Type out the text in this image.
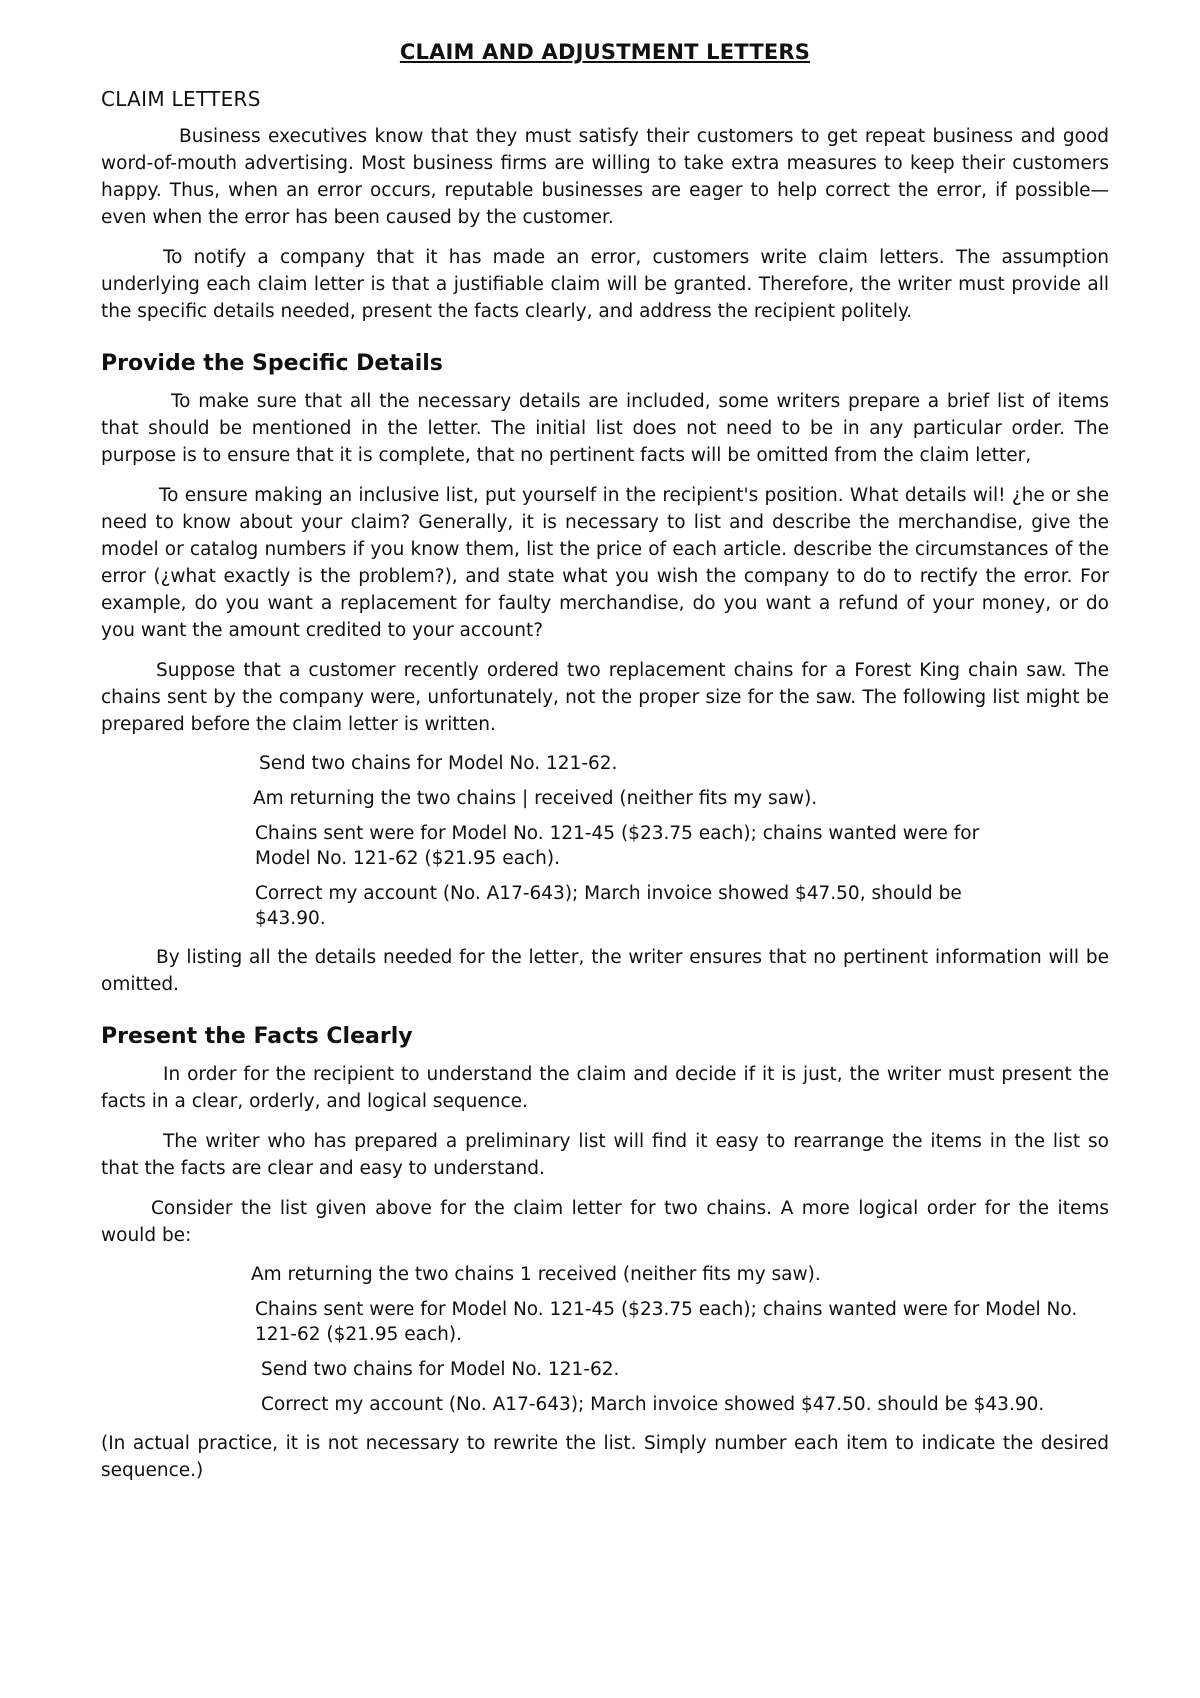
CLAIM AND ADJUSTMENT LETTERS
CLAIM LETTERS

Business executives know that they must satisfy their customers to get repeat business and good word-of-mouth advertising. Most business firms are willing to take extra measures to keep their customers happy. Thus, when an error occurs, reputable businesses are eager to help correct the error, if possible—even when the error has been caused by the customer.

To notify a company that it has made an error, customers write claim letters. The assumption underlying each claim letter is that a justifiable claim will be granted. Therefore, the writer must provide all the specific details needed, present the facts clearly, and address the recipient politely.

Provide the Specific Details

To make sure that all the necessary details are included, some writers prepare a brief list of items that should be mentioned in the letter. The initial list does not need to be in any particular order. The purpose is to ensure that it is complete, that no pertinent facts will be omitted from the claim letter,

To ensure making an inclusive list, put yourself in the recipient's position. What details wil! ¿he or she need to know about your claim? Generally, it is necessary to list and describe the merchandise, give the model or catalog numbers if you know them, list the price of each article. describe the circumstances of the error (¿what exactly is the problem?), and state what you wish the company to do to rectify the error. For example, do you want a replacement for faulty merchandise, do you want a refund of your money, or do you want the amount credited to your account?

Suppose that a customer recently ordered two replacement chains for a Forest King chain saw. The chains sent by the company were, unfortunately, not the proper size for the saw. The following list might be prepared before the claim letter is written.

Send two chains for Model No. 121-62.
Am returning the two chains | received (neither fits my saw).
Chains sent were for Model No. 121-45 ($23.75 each); chains wanted were for Model No. 121-62 ($21.95 each).
Correct my account (No. A17-643); March invoice showed $47.50, should be $43.90.

By listing all the details needed for the letter, the writer ensures that no pertinent information will be omitted.

Present the Facts Clearly

In order for the recipient to understand the claim and decide if it is just, the writer must present the facts in a clear, orderly, and logical sequence.

The writer who has prepared a preliminary list will find it easy to rearrange the items in the list so that the facts are clear and easy to understand.

Consider the list given above for the claim letter for two chains. A more logical order for the items would be:

Am returning the two chains 1 received (neither fits my saw).
Chains sent were for Model No. 121-45 ($23.75 each); chains wanted were for Model No. 121-62 ($21.95 each).
Send two chains for Model No. 121-62.
Correct my account (No. A17-643); March invoice showed $47.50. should be $43.90.

(In actual practice, it is not necessary to rewrite the list. Simply number each item to indicate the desired sequence.)
